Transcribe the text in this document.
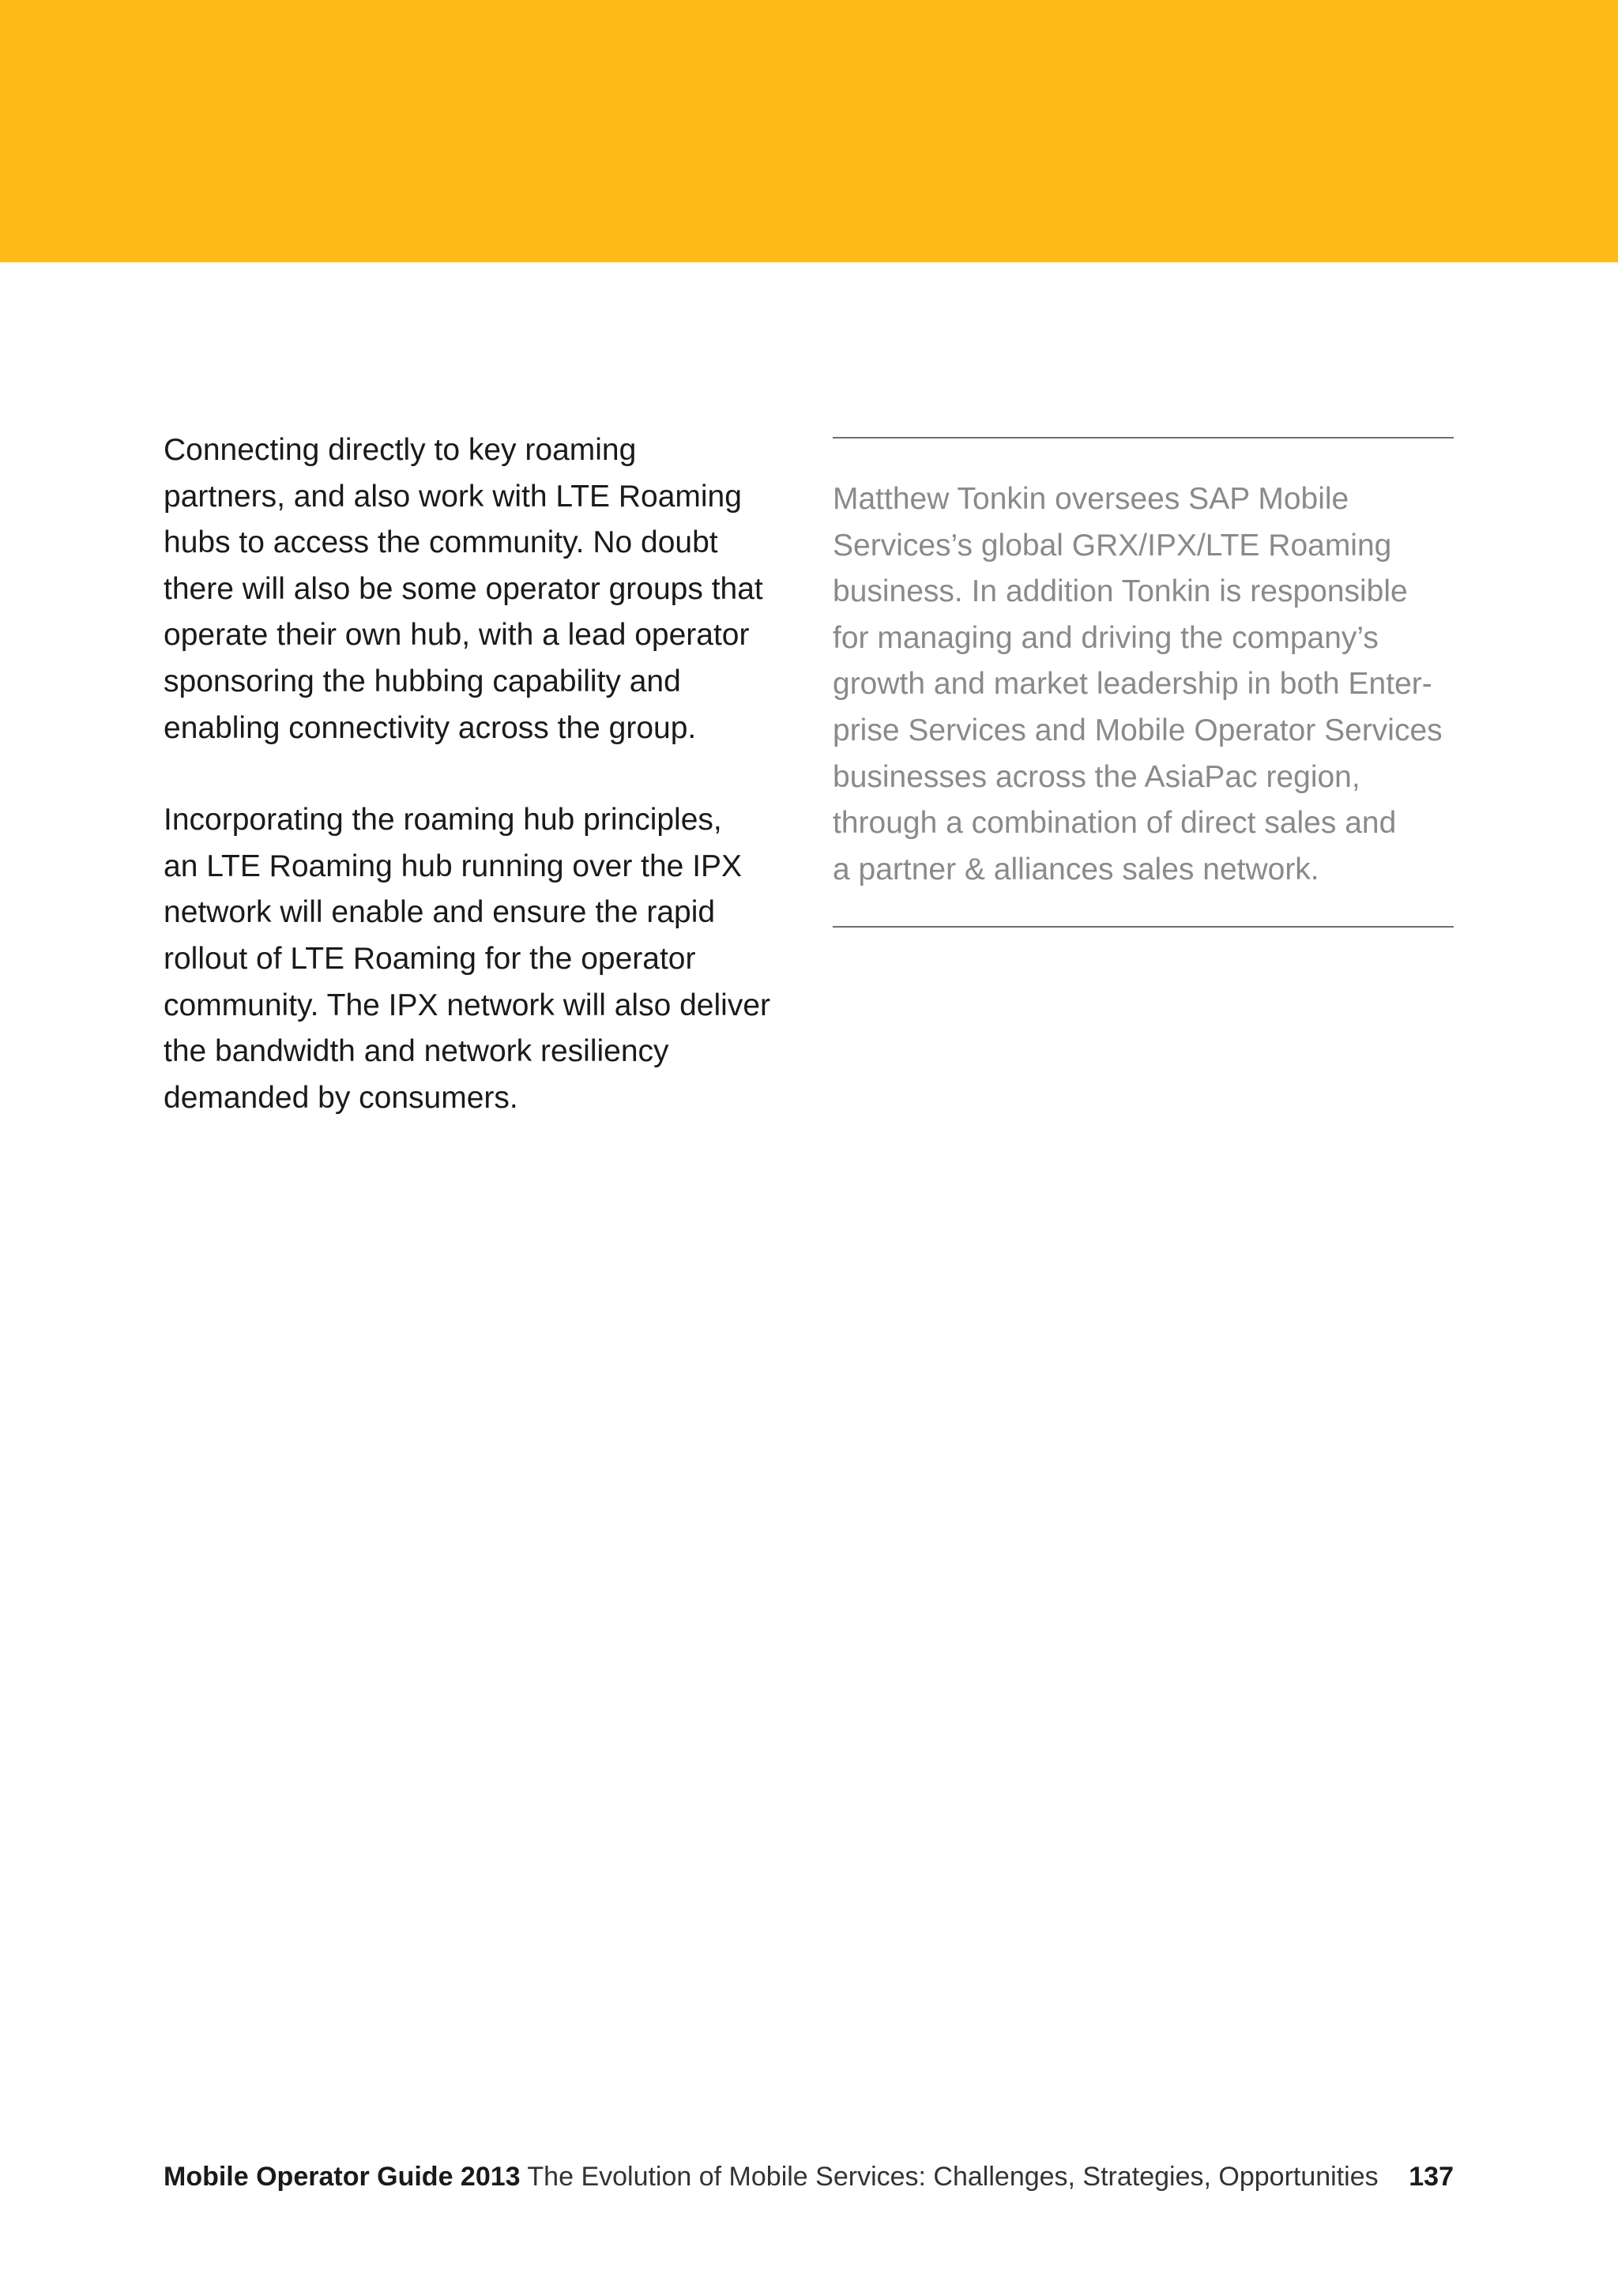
Connecting directly to key roaming
partners, and also work with LTE Roaming
hubs to access the community. No doubt
there will also be some operator groups that
operate their own hub, with a lead operator
sponsoring the hubbing capability and
enabling connectivity across the group.

Incorporating the roaming hub principles,
an LTE Roaming hub running over the IPX
network will enable and ensure the rapid
rollout of LTE Roaming for the operator
community. The IPX network will also deliver
the bandwidth and network resiliency
demanded by consumers.

Matthew Tonkin oversees SAP Mobile
Services’s global GRX/IPX/LTE Roaming
business. In addition Tonkin is responsible
for managing and driving the company’s
growth and market leadership in both Enter-
prise Services and Mobile Operator Services
businesses across the AsiaPac region,
through a combination of direct sales and
a partner & alliances sales network.
Mobile Operator Guide 2013 The Evolution of Mobile Services: Challenges, Strategies, Opportunities 137
